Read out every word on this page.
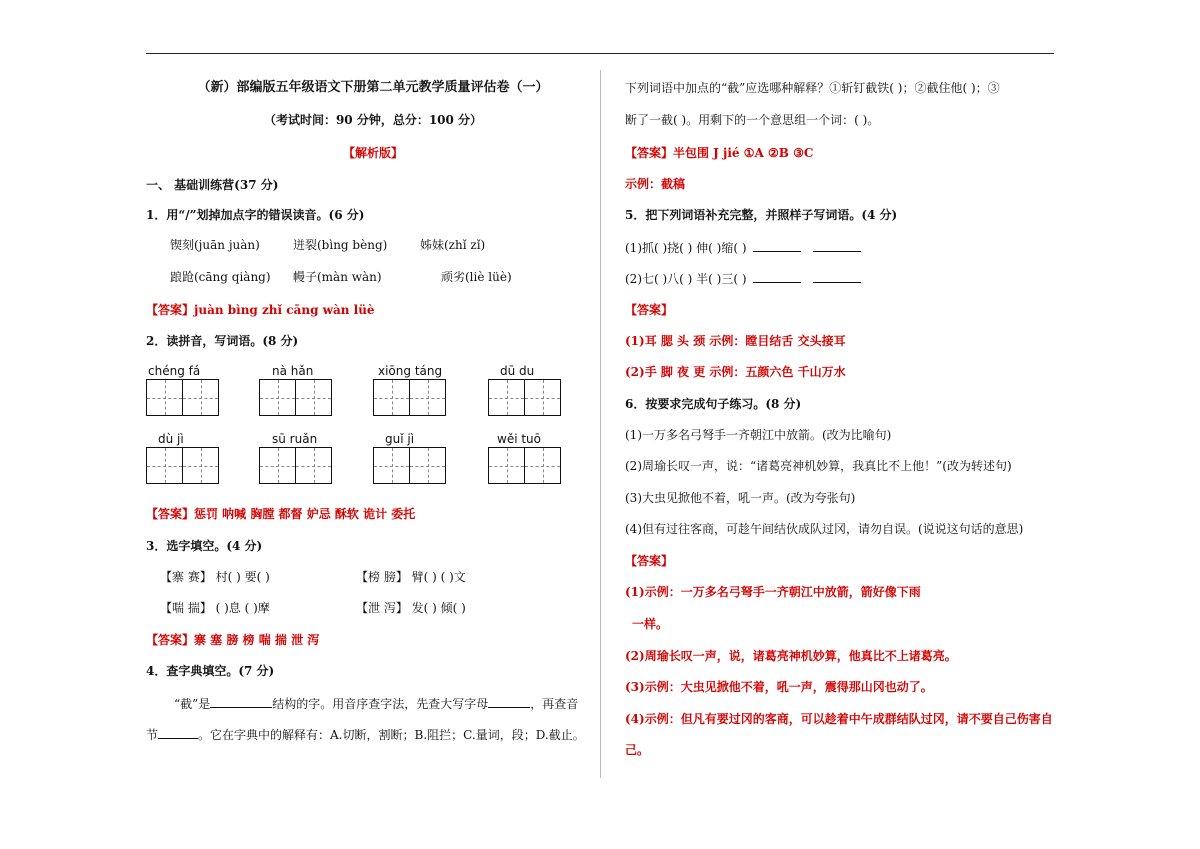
（新）部编版五年级语文下册第二单元教学质量评估卷（一）
（考试时间：90 分钟，总分：100 分）
【解析版】
一、 基础训练营(37 分)
1．用“/”划掉加点字的错误读音。(6 分)
锲刻(juān juàn)	迸裂(bìng bèng)	姊妹(zhǐ zǐ)
踉跄(cāng qiàng) 幔子(màn wàn)	顽劣(liè lüè)
【答案】juàn bìng zhǐ cāng wàn lüè
2．读拼音，写词语。(8 分)
chéng fá	nà hǎn	xiōng táng	dū du
dù jì	sū ruǎn	guǐ jì	wěi tuō
【答案】惩罚 呐喊 胸膛 都督 妒忌 酥软 诡计 委托
3．选字填空。(4 分)
【寨 赛】 村( ) 要( )	【榜 膀】 臂( ) ( )文
【喘 揣】 ( )息 ( )摩	【泄 泻】 发( ) 倾( )
【答案】寨 塞 膀 榜 喘 揣 泄 泻
4．查字典填空。(7 分)
“截”是	结构的字。用音序查字法，先查大写字母	，再查音
节	。它在字典中的解释有：A.切断，割断；B.阻拦；C.量词，段；D.截止。
下列词语中加点的“截”应选哪种解释？①斩钉截铁( )；②截住他( )；③
断了一截( )。用剩下的一个意思组一个词：( )。
【答案】半包围 J jié ①A ②B ③C
示例：截稿
5．把下列词语补充完整，并照样子写词语。(4 分)
(1)抓( )挠( ) 伸( )缩( )
(2)七( )八( ) 半( )三( )
【答案】
(1)耳 腮 头 颈 示例：瞠目结舌 交头接耳
(2)手 脚 夜 更 示例：五颜六色 千山万水
6．按要求完成句子练习。(8 分)
(1)一万多名弓弩手一齐朝江中放箭。(改为比喻句)
(2)周瑜长叹一声，说：“诸葛亮神机妙算，我真比不上他！”(改为转述句)
(3)大虫见掀他不着，吼一声。(改为夸张句)
(4)但有过往客商，可趁午间结伙成队过冈，请勿自误。(说说这句话的意思)
【答案】
(1)示例：一万多名弓弩手一齐朝江中放箭，箭好像下雨
一样。
(2)周瑜长叹一声，说，诸葛亮神机妙算，他真比不上诸葛亮。
(3)示例：大虫见掀他不着，吼一声，震得那山冈也动了。
(4)示例：但凡有要过冈的客商，可以趁着中午成群结队过冈，请不要自己伤害自
己。
